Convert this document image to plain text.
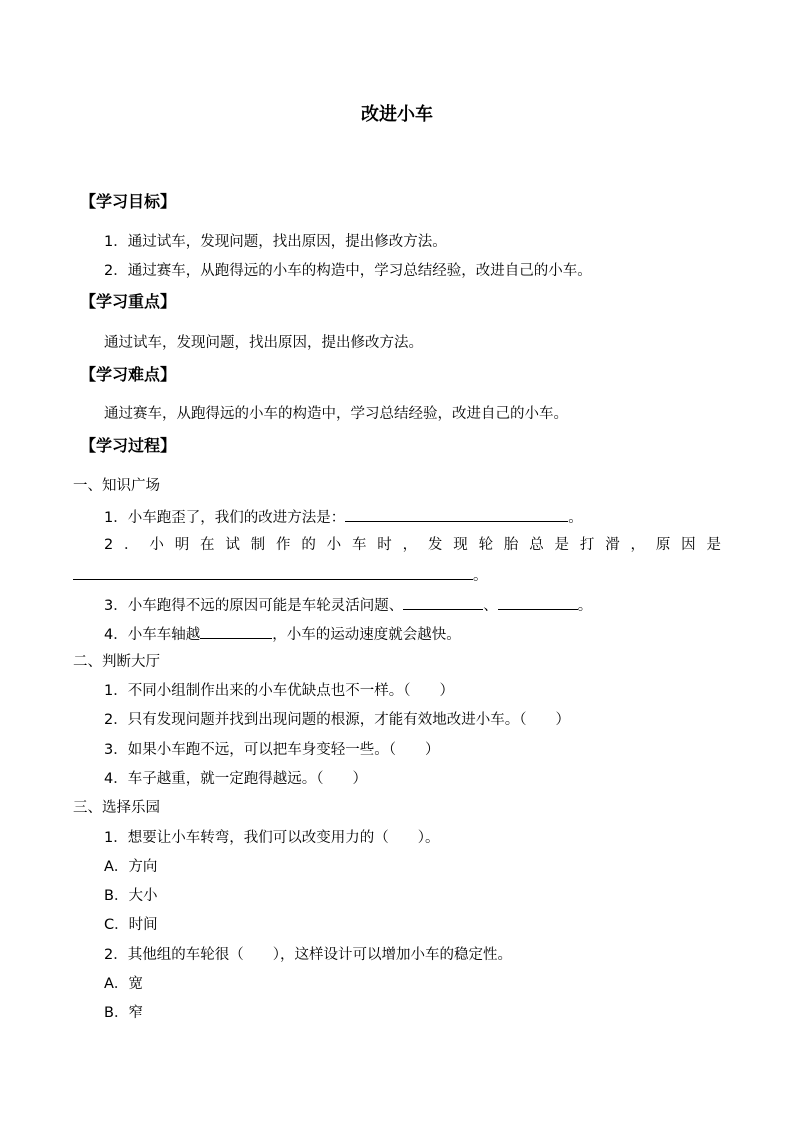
改进小车
【学习目标】
1．通过试车，发现问题，找出原因，提出修改方法。
2．通过赛车，从跑得远的小车的构造中，学习总结经验，改进自己的小车。
【学习重点】
通过试车，发现问题，找出原因，提出修改方法。
【学习难点】
通过赛车，从跑得远的小车的构造中，学习总结经验，改进自己的小车。
【学习过程】
一、知识广场
1．小车跑歪了，我们的改进方法是：	。
2．小明在试制作的小车时，发现轮胎总是打滑，原因是
。
3．小车跑得不远的原因可能是车轮灵活问题、	、	。
4．小车车轴越	，小车的运动速度就会越快。
二、判断大厅
1．不同小组制作出来的小车优缺点也不一样。（　　）
2．只有发现问题并找到出现问题的根源，才能有效地改进小车。（　　）
3．如果小车跑不远，可以把车身变轻一些。（　　）
4．车子越重，就一定跑得越远。（　　）
三、选择乐园
1．想要让小车转弯，我们可以改变用力的（　　）。
A．方向
B．大小
C．时间
2．其他组的车轮很（　　），这样设计可以增加小车的稳定性。
A．宽
B．窄
